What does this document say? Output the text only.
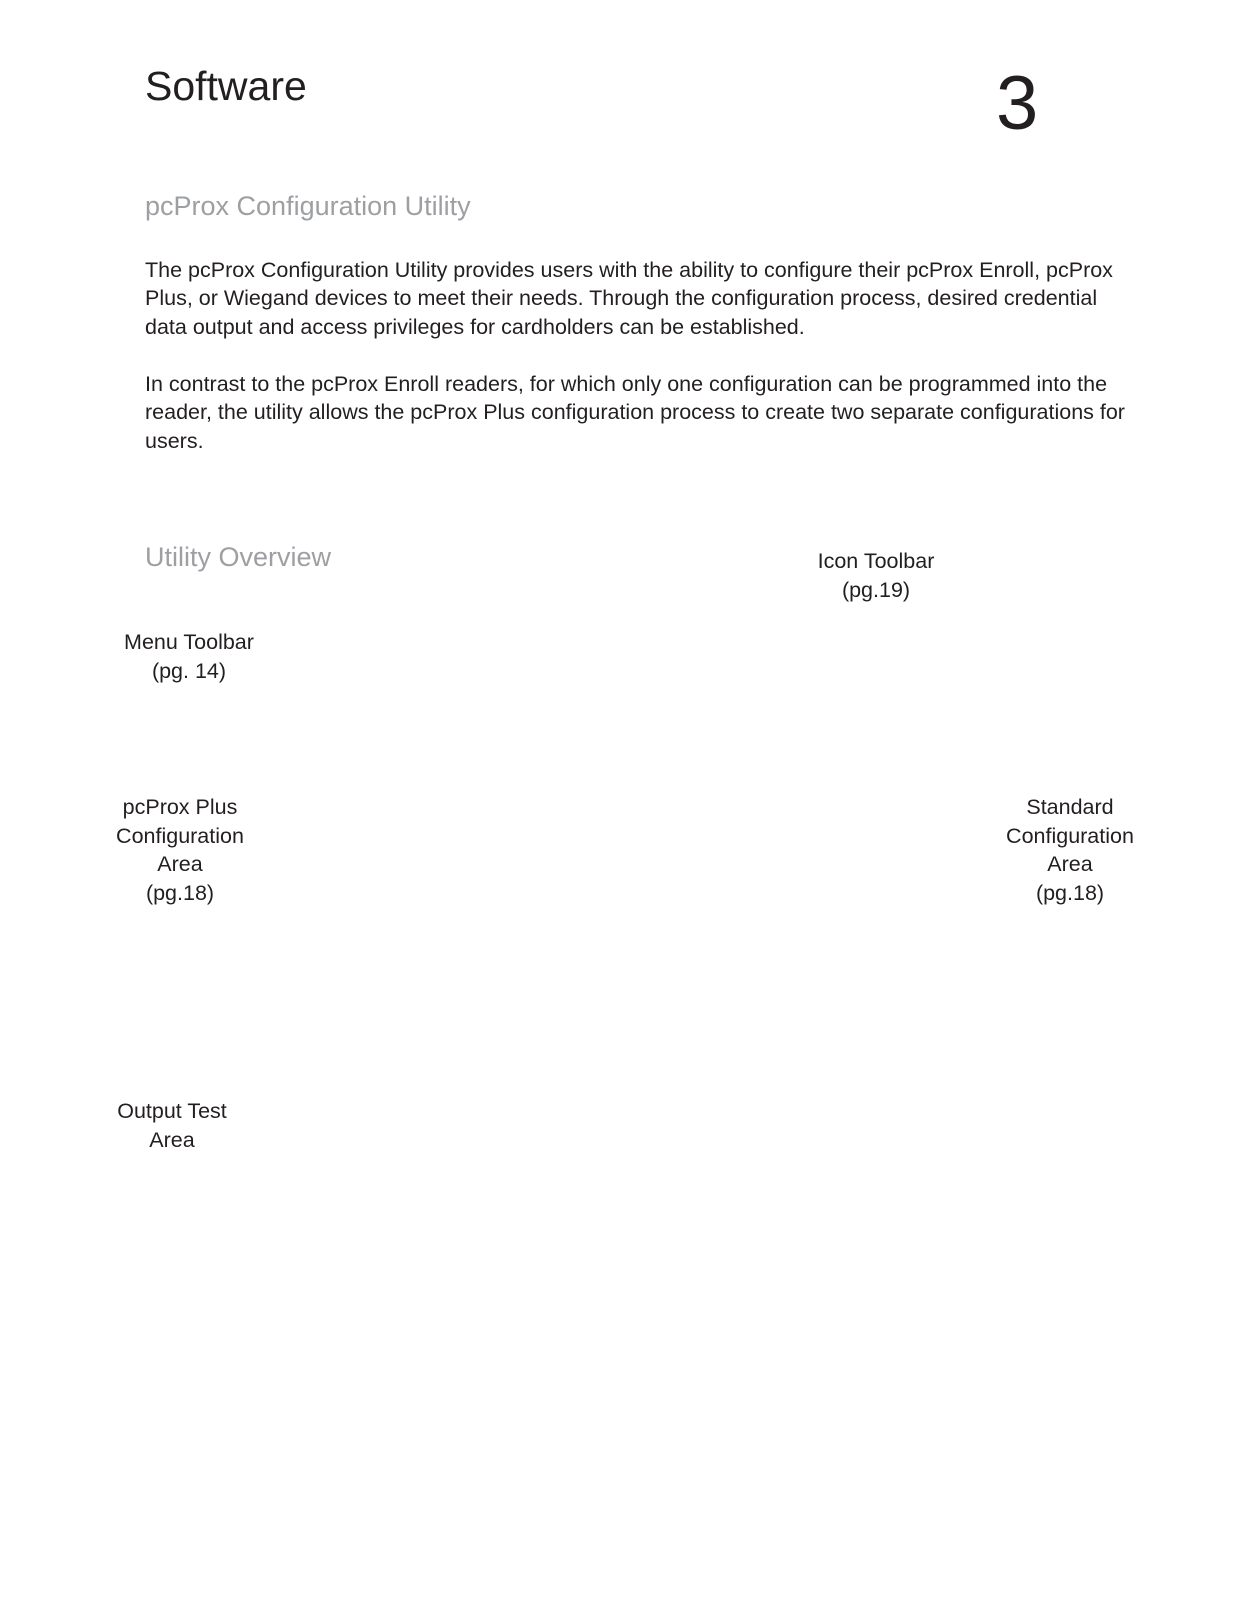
Software	3
pcProx Configuration Utility

The pcProx Configuration Utility provides users with the ability to configure their pcProx Enroll, pcProx Plus, or Wiegand devices to meet their needs. Through the configuration process, desired credential data output and access privileges for cardholders can be established.

In contrast to the pcProx Enroll readers, for which only one configuration can be programmed into the reader, the utility allows the pcProx Plus configuration process to create two separate configurations for users.

Utility Overview	Icon Toolbar
(pg.19)
Menu Toolbar
(pg. 14)
pcProx Plus
Configuration
Area
(pg.18)
Standard
Configuration
Area
(pg.18)
Output Test
Area
